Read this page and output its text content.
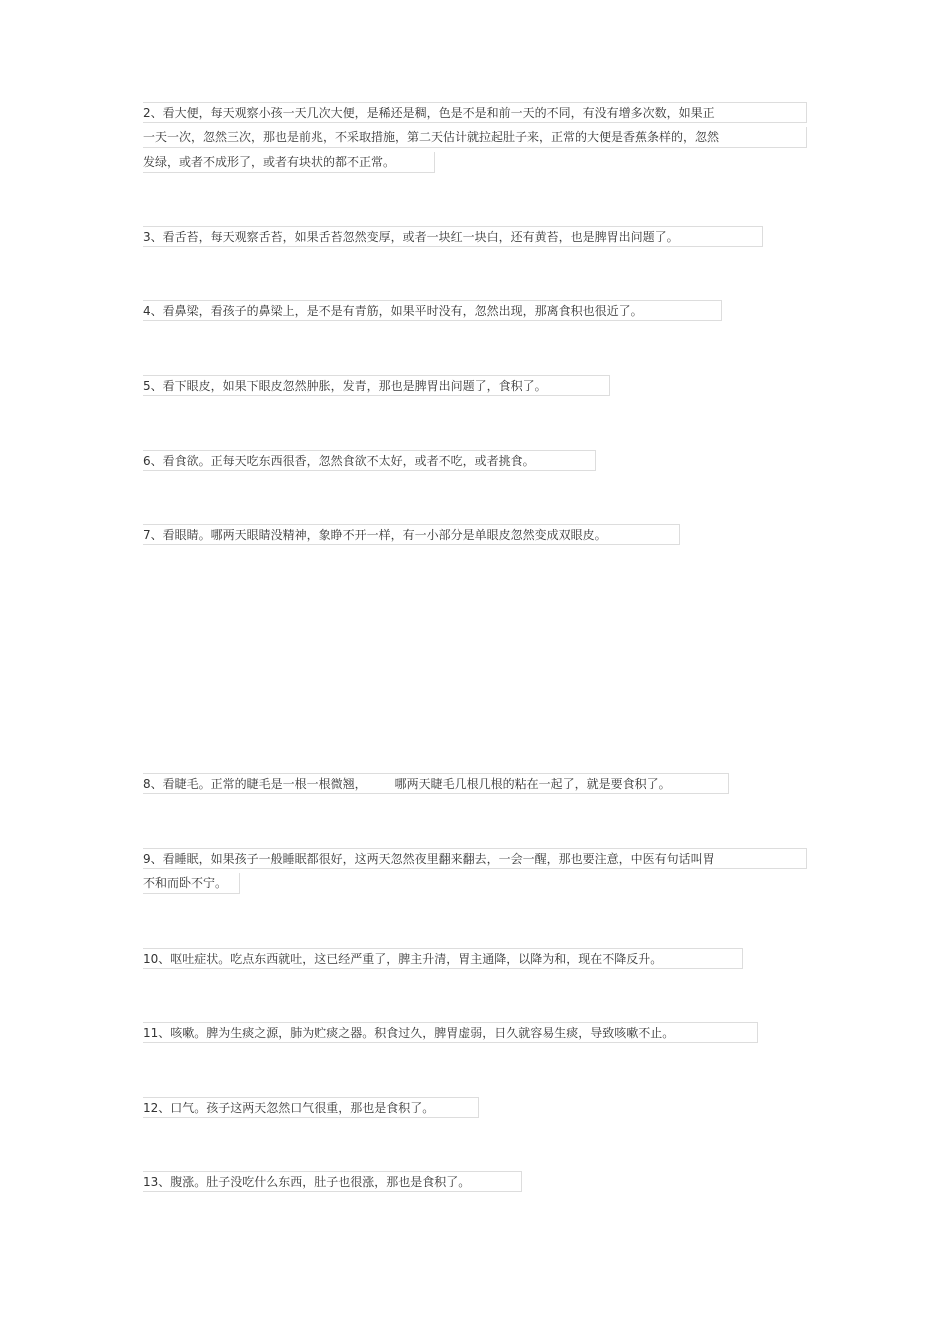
2、看大便，每天观察小孩一天几次大便，是稀还是稠，色是不是和前一天的不同，有没有增多次数，如果正
一天一次，忽然三次，那也是前兆，不采取措施，第二天估计就拉起肚子来，正常的大便是香蕉条样的，忽然
发绿，或者不成形了，或者有块状的都不正常。
3、看舌苔，每天观察舌苔，如果舌苔忽然变厚，或者一块红一块白，还有黄苔，也是脾胃出问题了。
4、看鼻梁，看孩子的鼻梁上，是不是有青筋，如果平时没有，忽然出现，那离食积也很近了。
5、看下眼皮，如果下眼皮忽然肿胀，发青，那也是脾胃出问题了，食积了。
6、看食欲。正每天吃东西很香，忽然食欲不太好，或者不吃，或者挑食。
7、看眼睛。哪两天眼睛没精神，象睁不开一样，有一小部分是单眼皮忽然变成双眼皮。
8、看睫毛。正常的睫毛是一根一根微翘， 哪两天睫毛几根几根的粘在一起了，就是要食积了。
9、看睡眠，如果孩子一般睡眠都很好，这两天忽然夜里翻来翻去，一会一醒，那也要注意，中医有句话叫胃
不和而卧不宁。
10、呕吐症状。吃点东西就吐，这已经严重了，脾主升清，胃主通降，以降为和，现在不降反升。
11、咳嗽。脾为生痰之源，肺为贮痰之器。积食过久，脾胃虚弱，日久就容易生痰，导致咳嗽不止。
12、口气。孩子这两天忽然口气很重，那也是食积了。
13、腹涨。肚子没吃什么东西，肚子也很涨，那也是食积了。
